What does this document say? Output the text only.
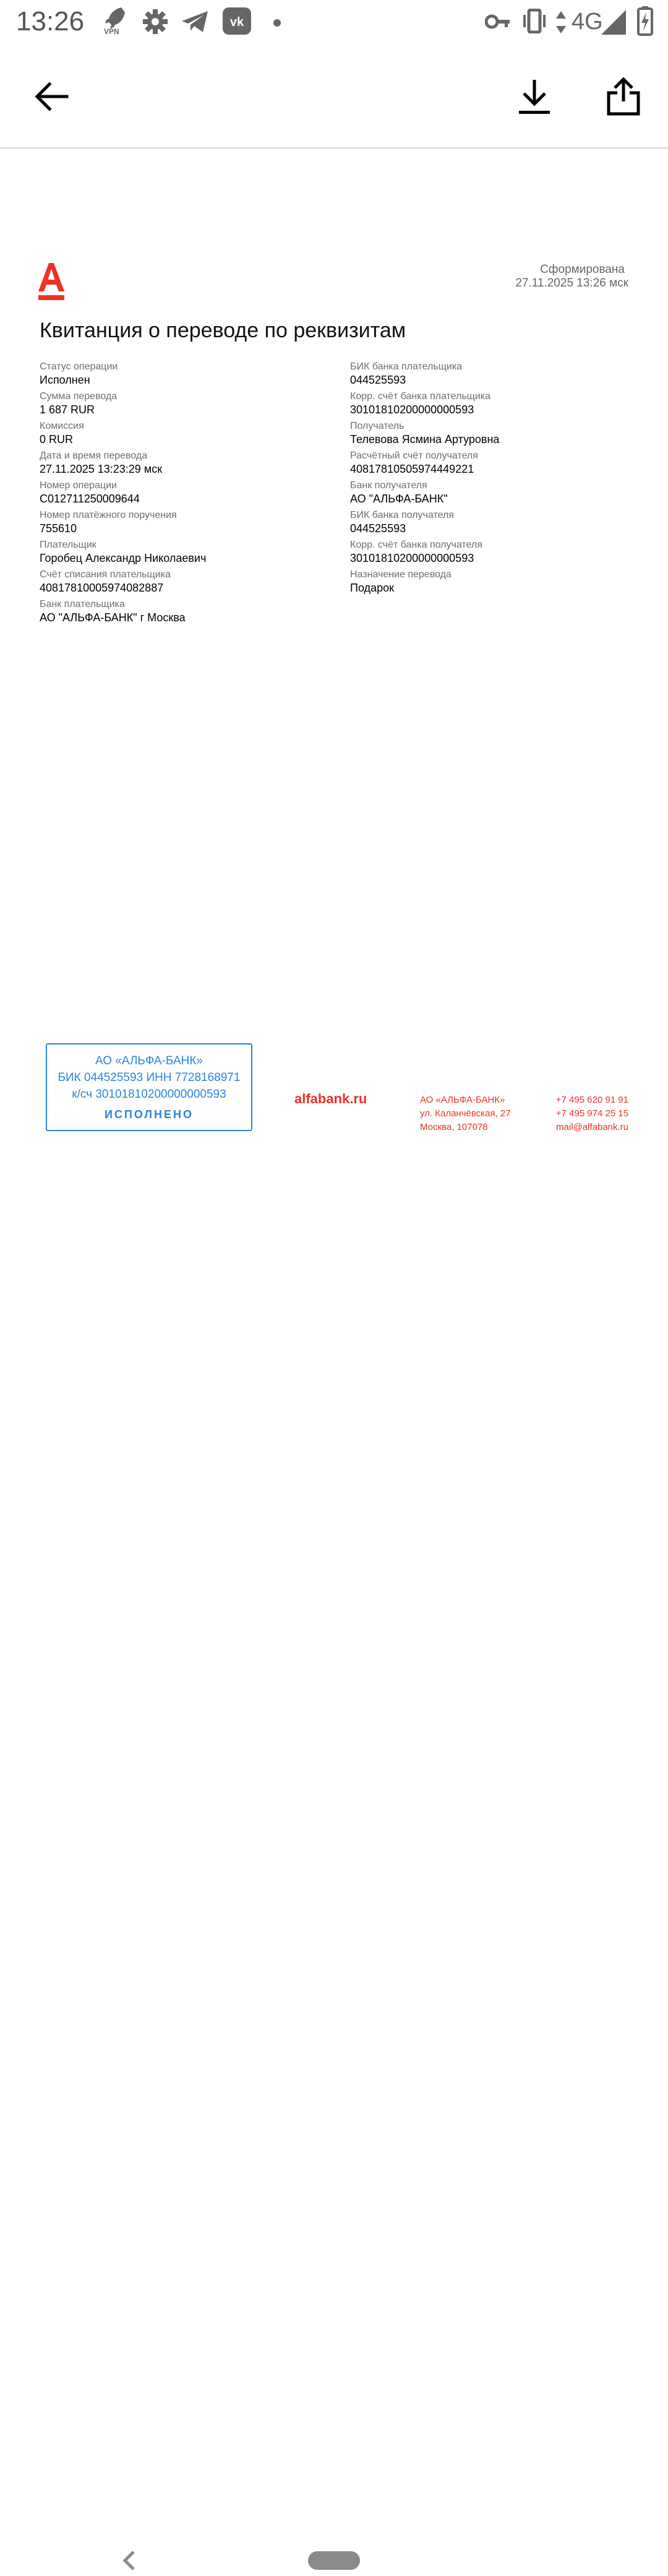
13:26	VPN
vk	4G
Сформирована
27.11.2025 13:26 мск
Квитанция о переводе по реквизитам
Статус операции
Исполнен
Сумма перевода
1 687 RUR
Комиссия
0 RUR
Дата и время перевода
27.11.2025 13:23:29 мск
Номер операции
C012711250009644
Номер платёжного поручения
755610
Плательщик
Горобец Александр Николаевич
Счёт списания плательщика
40817810005974082887
Банк плательщика
АО "АЛЬФА-БАНК" г Москва
БИК банка плательщика
044525593
Корр. счёт банка плательщика
30101810200000000593
Получатель
Телевова Ясмина Артуровна
Расчётный счёт получателя
40817810505974449221
Банк получателя
АО "АЛЬФА-БАНК"
БИК банка получателя
044525593
Корр. счёт банка получателя
30101810200000000593
Назначение перевода
Подарок
АО «АЛЬФА-БАНК»
БИК 044525593 ИНН 7728168971
к/сч 30101810200000000593
ИСПОЛНЕНО
alfabank.ru	АО «АЛЬФА-БАНК»
ул. Каланчёвская, 27
Москва, 107078
+7 495 620 91 91
+7 495 974 25 15
mail@alfabank.ru
